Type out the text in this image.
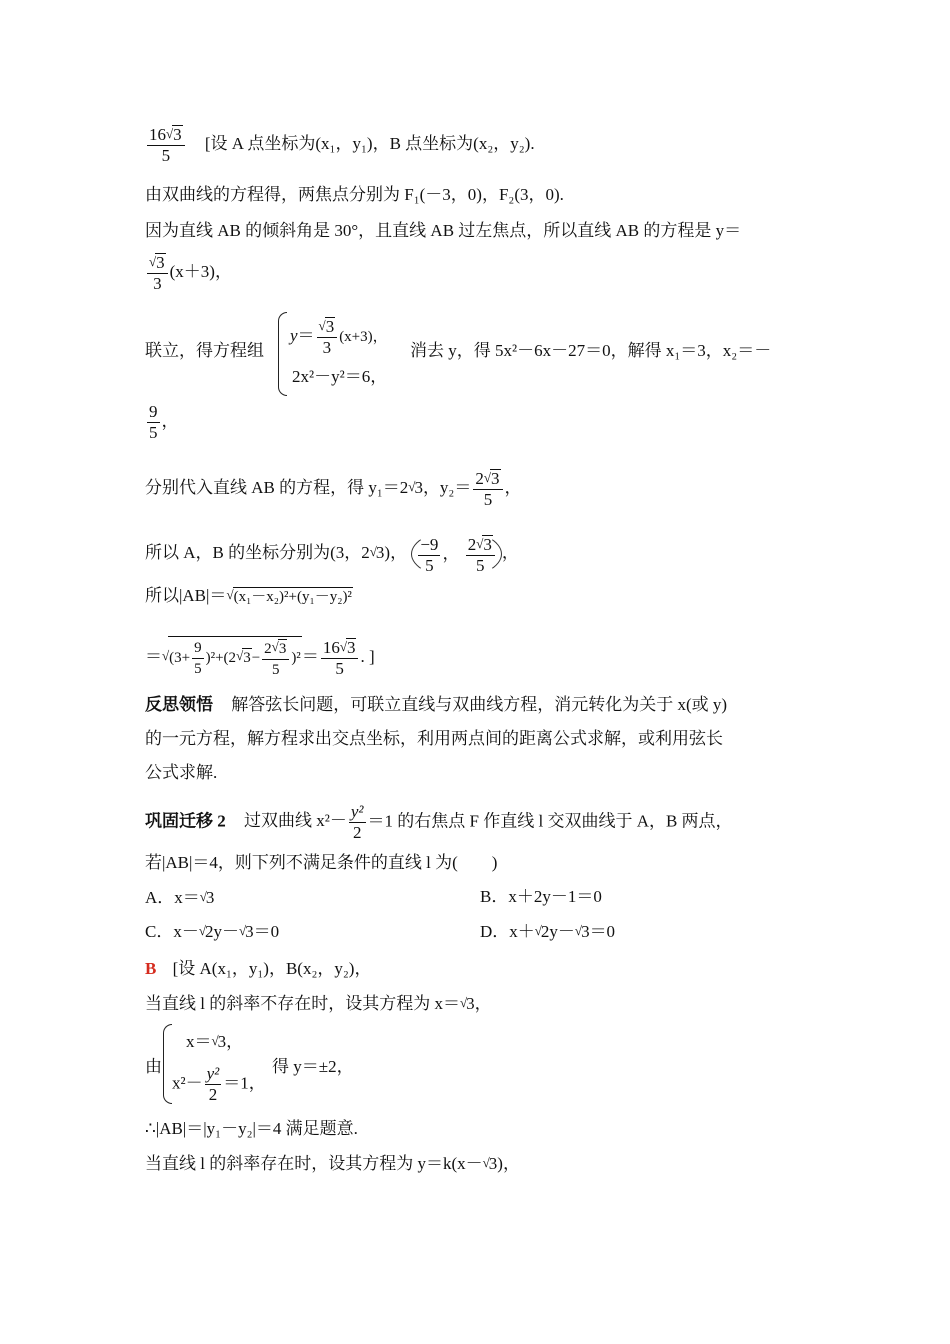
$\frac{16√3}{5}$ [设 A 点坐标为(x₁，y₁)，B 点坐标为(x₂，y₂).
由双曲线的方程得，两焦点分别为 F₁(－3，0)，F₂(3，0).
因为直线 AB 的倾斜角是 30°，且直线 AB 过左焦点，所以直线 AB 的方程是 y＝
$\frac{√3}{3} (x+3)$，
联立，得方程组
$y= \frac{√3}{3} (x+3)$，
2x²－y²＝6，
消去 y，得 5x²－6x－27＝0，解得 x₁＝3，x₂＝－
$\frac{9}{5}$ ，
分别代入直线 AB 的方程，得 y₁＝2√3，$y_2= \frac{2√3}{5}$ ，
所以 A，B 的坐标分别为(3，2√3)， $\frac{-9}{5}$ ， $\frac{2√3}{5}$ ，
所以|AB|＝√(x₁－x₂)²+(y₁－y₂)²
$=√(3+ \frac{9}{5} )^2+(2√3- \frac{2√3}{5} )^2= \frac{16√3}{5}$ . ]
反思领悟 解答弦长问题，可联立直线与双曲线方程，消元转化为关于 x(或 y)
的一元方程，解方程求出交点坐标，利用两点间的距离公式求解，或利用弦长
公式求解.
巩固迁移 2 过双曲线 $x^2- \frac{\text{y²}}{2} =1$ 的右焦点 F 作直线 l 交双曲线于 A，B 两点，
若|AB|＝4，则下列不满足条件的直线 l 为(　　)
A．x＝√3	B．x＋2y－1＝0
C．x－√2y－√3＝0	D．x＋√2y－√3＝0
B [设 A(x₁，y₁)，B(x₂，y₂)，
当直线 l 的斜率不存在时，设其方程为 x＝√3，
由
x＝√3，
$x^2- \frac{\text{y²}}{2} =1$，
得 y＝±2，
∴|AB|＝|y₁－y₂|＝4 满足题意.
当直线 l 的斜率存在时，设其方程为 y＝k(x－√3)，
